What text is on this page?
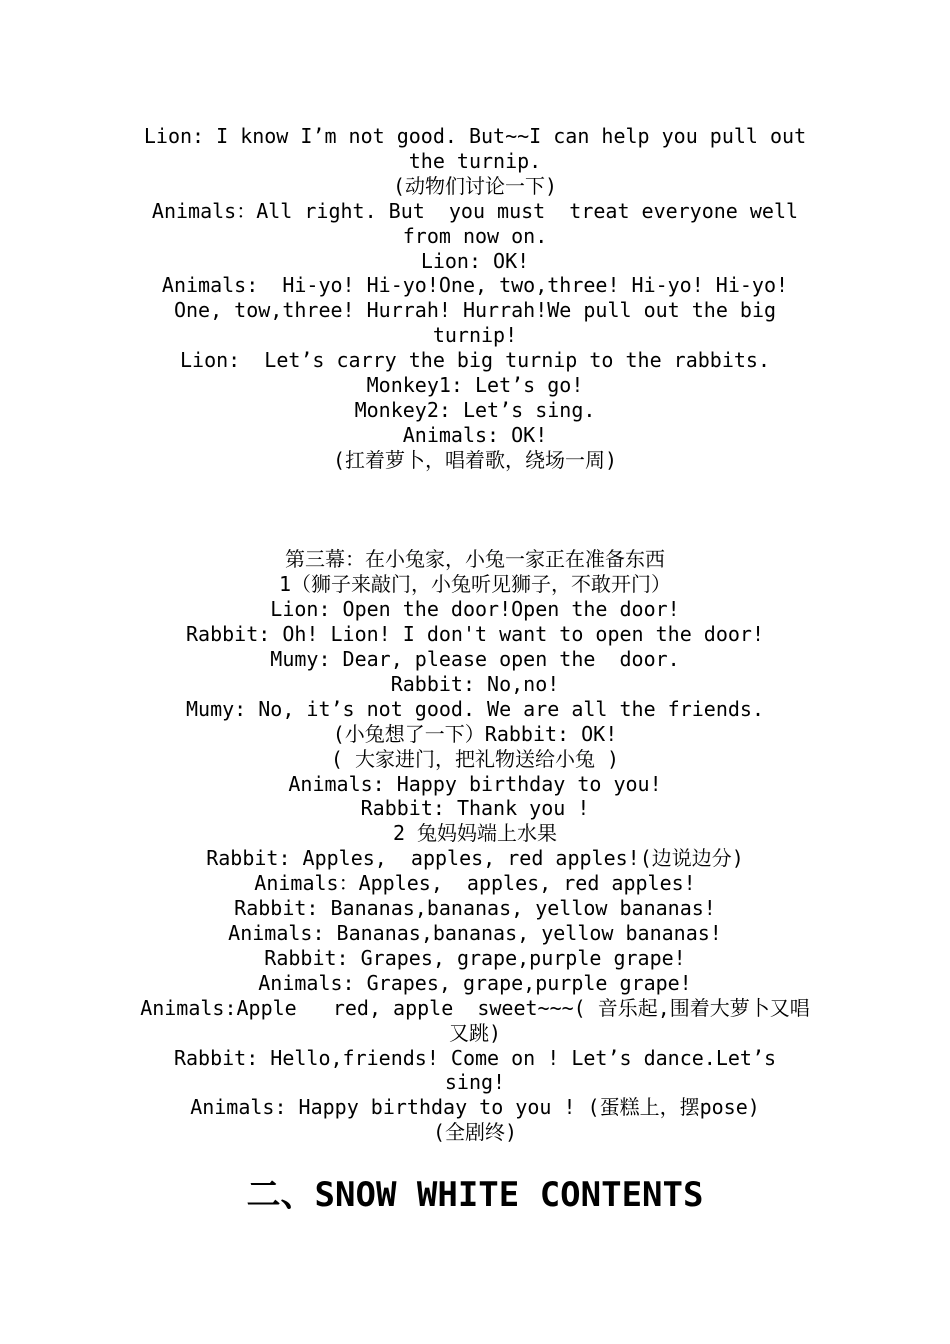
Lion: I know I’m not good. But~~I can help you pull out the turnip.
(动物们讨论一下)
Animals：All right. But  you must  treat everyone well from now on.
Lion: OK!
Animals:  Hi-yo! Hi-yo!One, two,three! Hi-yo! Hi-yo! One, tow,three! Hurrah! Hurrah!We pull out the big turnip!
Lion:  Let’s carry the big turnip to the rabbits.
Monkey1: Let’s go!
Monkey2: Let’s sing.
Animals: OK!
(扛着萝卜，唱着歌，绕场一周)
第三幕：在小兔家，小兔一家正在准备东西
1（狮子来敲门，小兔听见狮子，不敢开门）
Lion: Open the door!Open the door!
Rabbit: Oh! Lion! I don't want to open the door!
Mumy: Dear, please open the  door.
Rabbit: No,no!
Mumy: No, it’s not good. We are all the friends.
(小兔想了一下）Rabbit: OK!
( 大家进门，把礼物送给小兔 )
Animals: Happy birthday to you!
Rabbit: Thank you !
2 兔妈妈端上水果
Rabbit: Apples,  apples, red apples!(边说边分)
Animals：Apples,  apples, red apples!
Rabbit: Bananas,bananas, yellow bananas!
Animals: Bananas,bananas, yellow bananas!
Rabbit: Grapes, grape,purple grape!
Animals: Grapes, grape,purple grape!
Animals:Apple   red, apple  sweet~~~( 音乐起,围着大萝卜又唱又跳)
Rabbit: Hello,friends! Come on ! Let’s dance.Let’s sing!
Animals: Happy birthday to you ! (蛋糕上，摆pose)
(全剧终)
二、SNOW WHITE CONTENTS
